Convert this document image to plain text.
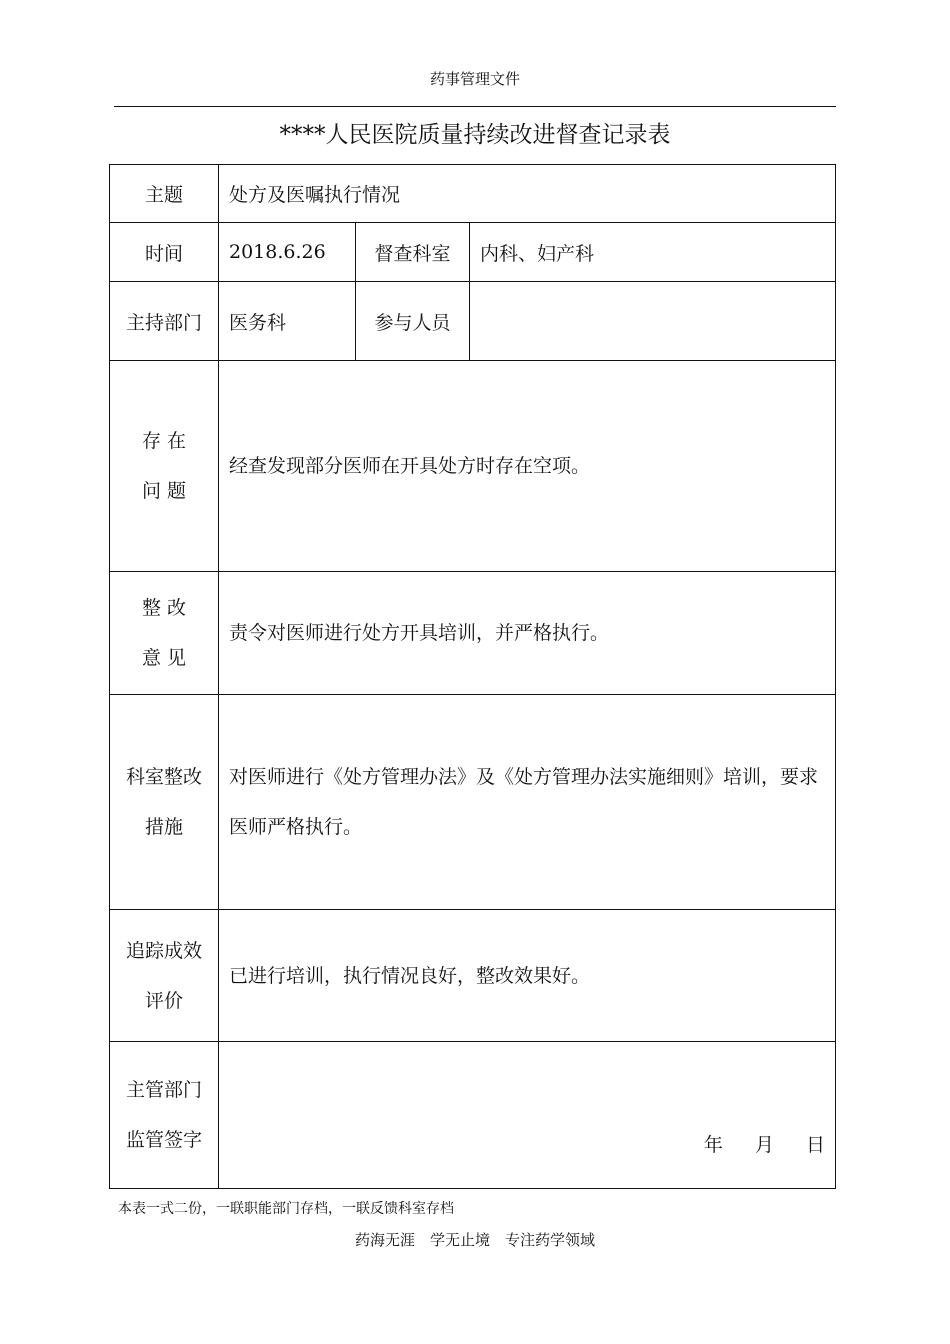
药事管理文件
****人民医院质量持续改进督查记录表
主题	处方及医嘱执行情况		
时间	2018.6.26	督查科室	内科、妇产科
主持部门	医务科	参与人员	

存 在
问 题	经查发现部分医师在开具处方时存在空项。		

整 改
意 见	责令对医师进行处方开具培训，并严格执行。		

科室整改
措施	对医师进行《处方管理办法》及《处方管理办法实施细则》培训，要求医师严格执行。		

追踪成效
评价	已进行培训，执行情况良好，整改效果好。		

主管部门
监管签字	年 月 日		
本表一式二份，一联职能部门存档，一联反馈科室存档
药海无涯　学无止境　专注药学领域
